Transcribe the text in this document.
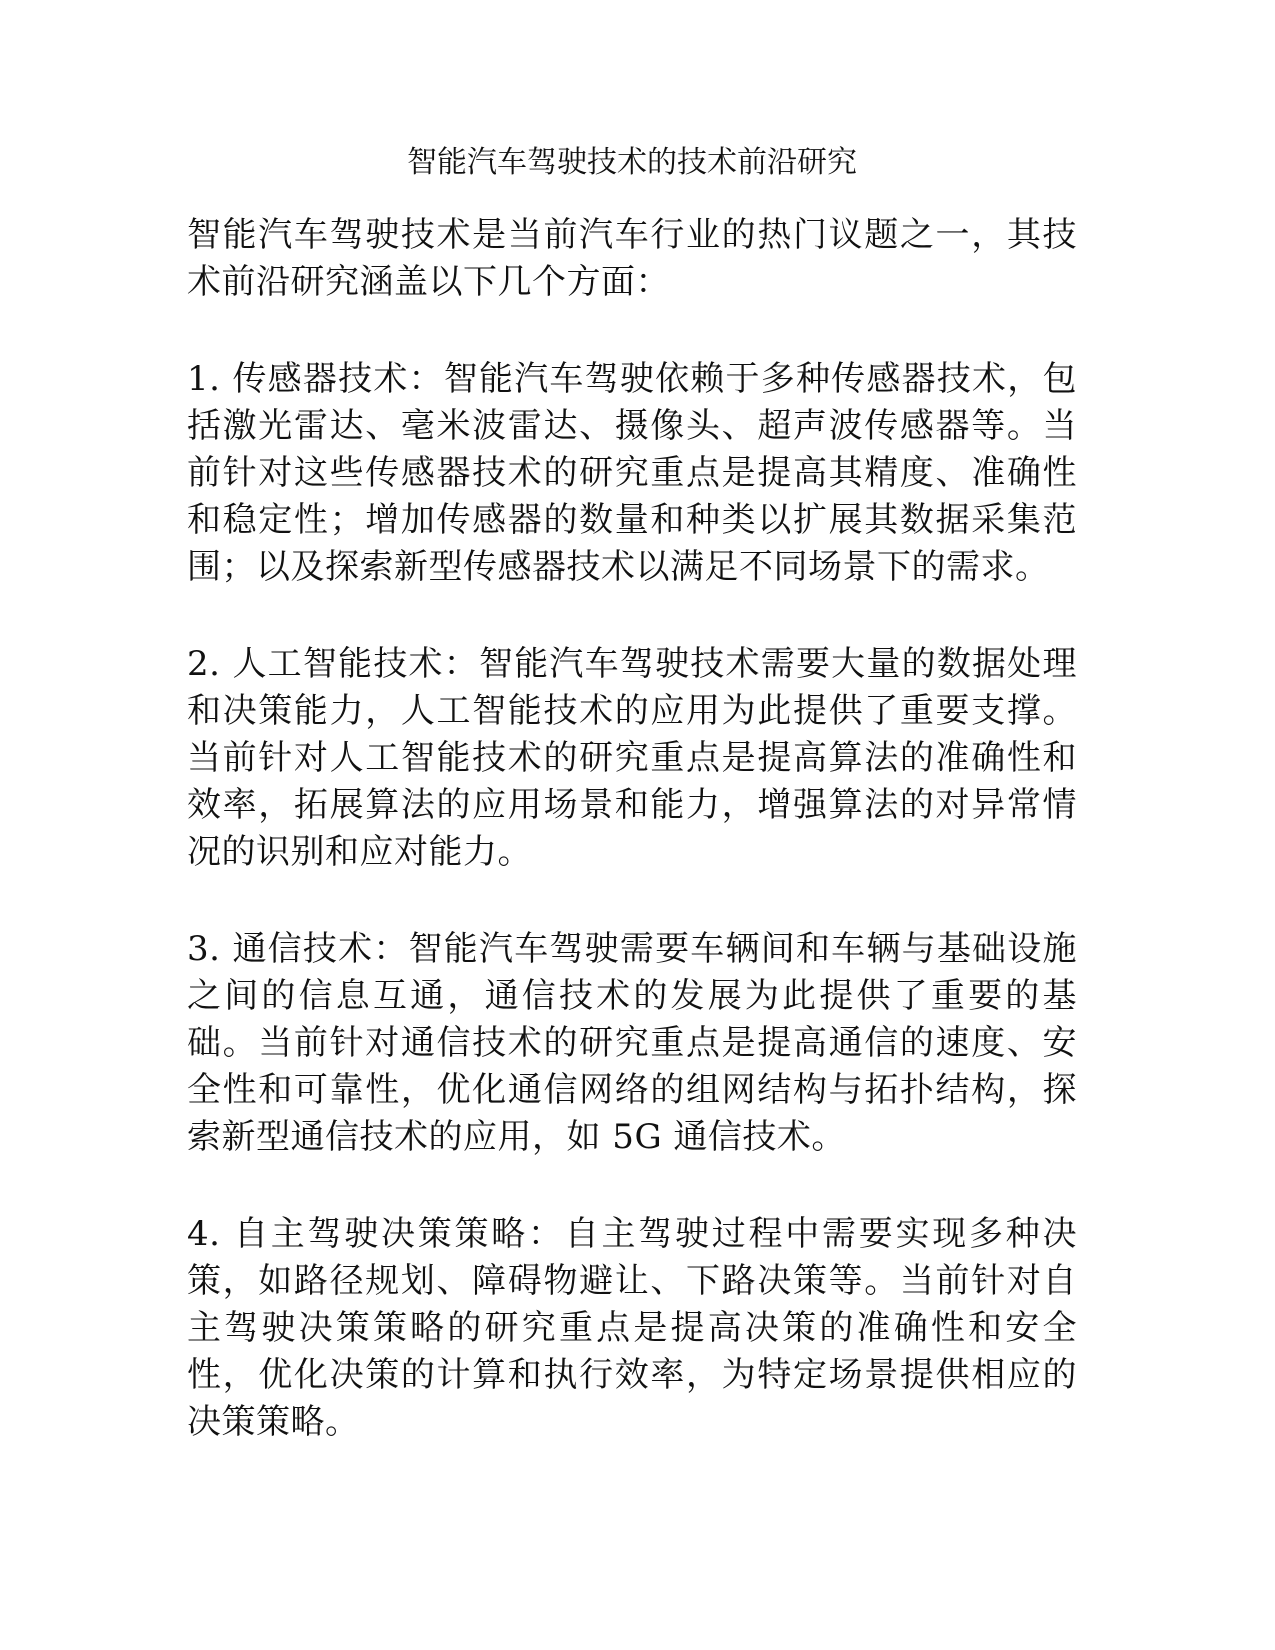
智能汽车驾驶技术的技术前沿研究

智能汽车驾驶技术是当前汽车行业的热门议题之一，其技术前沿研究涵盖以下几个方面：

1. 传感器技术：智能汽车驾驶依赖于多种传感器技术，包括激光雷达、毫米波雷达、摄像头、超声波传感器等。当前针对这些传感器技术的研究重点是提高其精度、准确性和稳定性；增加传感器的数量和种类以扩展其数据采集范围；以及探索新型传感器技术以满足不同场景下的需求。

2. 人工智能技术：智能汽车驾驶技术需要大量的数据处理和决策能力，人工智能技术的应用为此提供了重要支撑。当前针对人工智能技术的研究重点是提高算法的准确性和效率，拓展算法的应用场景和能力，增强算法的对异常情况的识别和应对能力。

3. 通信技术：智能汽车驾驶需要车辆间和车辆与基础设施之间的信息互通，通信技术的发展为此提供了重要的基础。当前针对通信技术的研究重点是提高通信的速度、安全性和可靠性，优化通信网络的组网结构与拓扑结构，探索新型通信技术的应用，如 5G 通信技术。

4. 自主驾驶决策策略：自主驾驶过程中需要实现多种决策，如路径规划、障碍物避让、下路决策等。当前针对自主驾驶决策策略的研究重点是提高决策的准确性和安全性，优化决策的计算和执行效率，为特定场景提供相应的决策策略。
